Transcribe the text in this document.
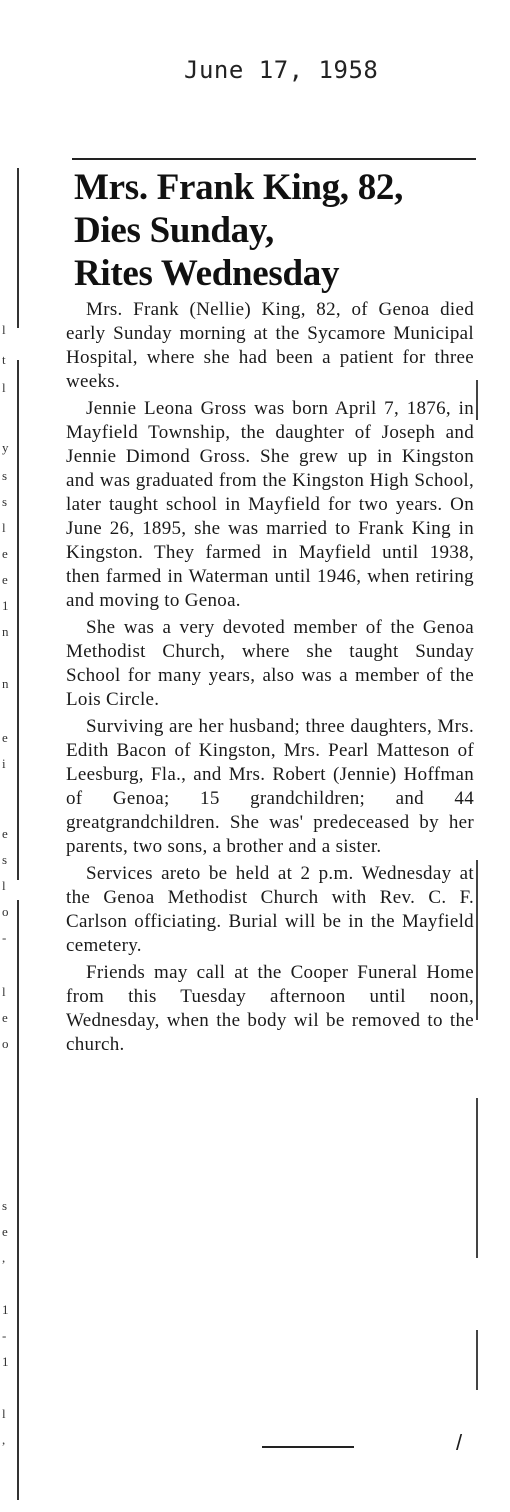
June 17, 1958
l
t
l
y
s
s
l
e
e
1
n
n
e
i
e
s
l
o
-
l
e
o
s
e
,
1
-
1
l
,
Mrs. Frank King, 82,
Dies Sunday,
Rites Wednesday

Mrs. Frank (Nellie) King, 82, of Genoa died early Sunday morning at the Sycamore Municipal Hospital, where she had been a patient for three weeks.

Jennie Leona Gross was born April 7, 1876, in Mayfield Township, the daughter of Joseph and Jennie Dimond Gross. She grew up in Kingston and was graduated from the Kingston High School, later taught school in Mayfield for two years. On June 26, 1895, she was married to Frank King in Kingston. They farmed in Mayfield until 1938, then farmed in Waterman until 1946, when retiring and moving to Genoa.

She was a very devoted member of the Genoa Methodist Church, where she taught Sunday School for many years, also was a member of the Lois Circle.

Surviving are her husband; three daughters, Mrs. Edith Bacon of Kingston, Mrs. Pearl Matteson of Leesburg, Fla., and Mrs. Robert (Jennie) Hoffman of Genoa; 15 grandchildren; and 44 greatgrandchildren. She was' predeceased by her parents, two sons, a brother and a sister.

Services areto be held at 2 p.m. Wednesday at the Genoa Methodist Church with Rev. C. F. Carlson officiating. Burial will be in the Mayfield cemetery.

Friends may call at the Cooper Funeral Home from this Tuesday afternoon until noon, Wednesday, when the body wil be removed to the church.

/
